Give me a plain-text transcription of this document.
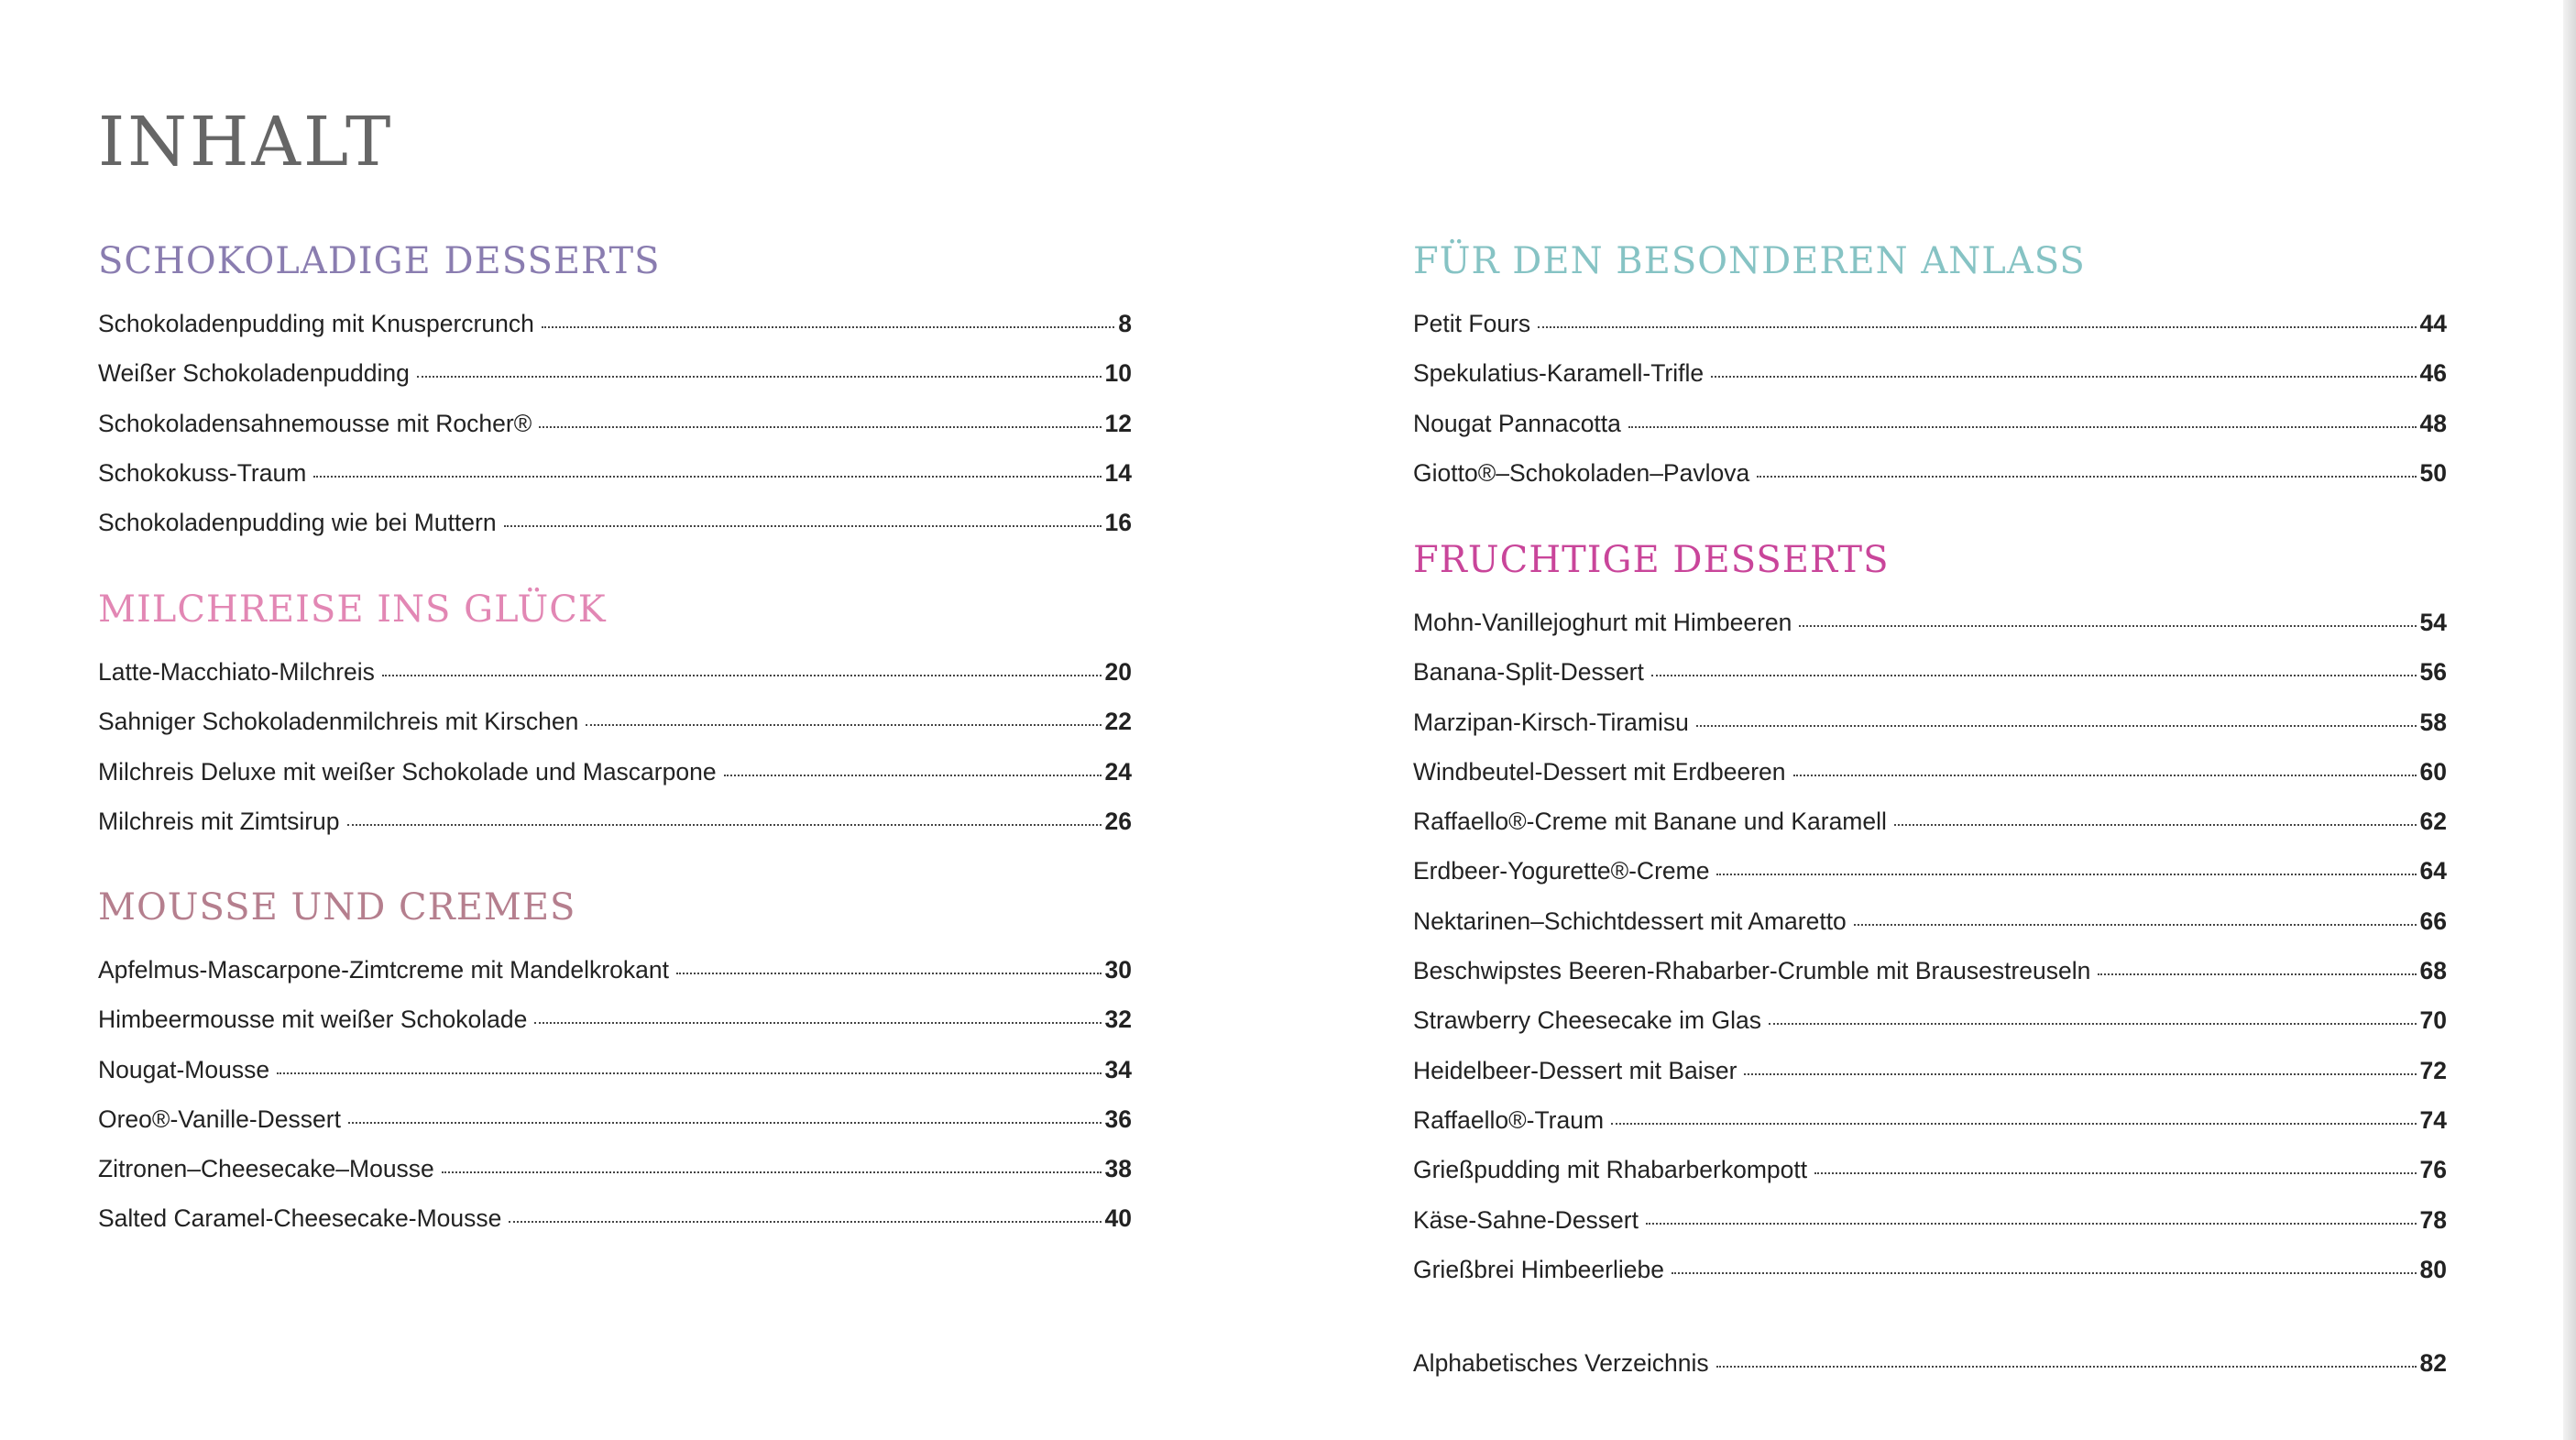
INHALT
SCHOKOLADIGE DESSERTS
Schokoladenpudding mit Knuspercrunch	8
Weißer Schokoladenpudding	10
Schokoladensahnemousse mit Rocher®	12
Schokokuss-Traum	14
Schokoladenpudding wie bei Muttern	16
MILCHREISE INS GLÜCK
Latte-Macchiato-Milchreis	20
Sahniger Schokoladenmilchreis mit Kirschen	22
Milchreis Deluxe mit weißer Schokolade und Mascarpone	24
Milchreis mit Zimtsirup	26
MOUSSE UND CREMES
Apfelmus-Mascarpone-Zimtcreme mit Mandelkrokant	30
Himbeermousse mit weißer Schokolade	32
Nougat-Mousse	34
Oreo®-Vanille-Dessert	36
Zitronen–Cheesecake–Mousse	38
Salted Caramel-Cheesecake-Mousse	40
FÜR DEN BESONDEREN ANLASS
Petit Fours	44
Spekulatius-Karamell-Trifle	46
Nougat Pannacotta	48
Giotto®–Schokoladen–Pavlova	50
FRUCHTIGE DESSERTS
Mohn-Vanillejoghurt mit Himbeeren	54
Banana-Split-Dessert	56
Marzipan-Kirsch-Tiramisu	58
Windbeutel-Dessert mit Erdbeeren	60
Raffaello®-Creme mit Banane und Karamell	62
Erdbeer-Yogurette®-Creme	64
Nektarinen–Schichtdessert mit Amaretto	66
Beschwipstes Beeren-Rhabarber-Crumble mit Brausestreuseln	68
Strawberry Cheesecake im Glas	70
Heidelbeer-Dessert mit Baiser	72
Raffaello®-Traum	74
Grießpudding mit Rhabarberkompott	76
Käse-Sahne-Dessert	78
Grießbrei Himbeerliebe	80
Alphabetisches Verzeichnis	82
